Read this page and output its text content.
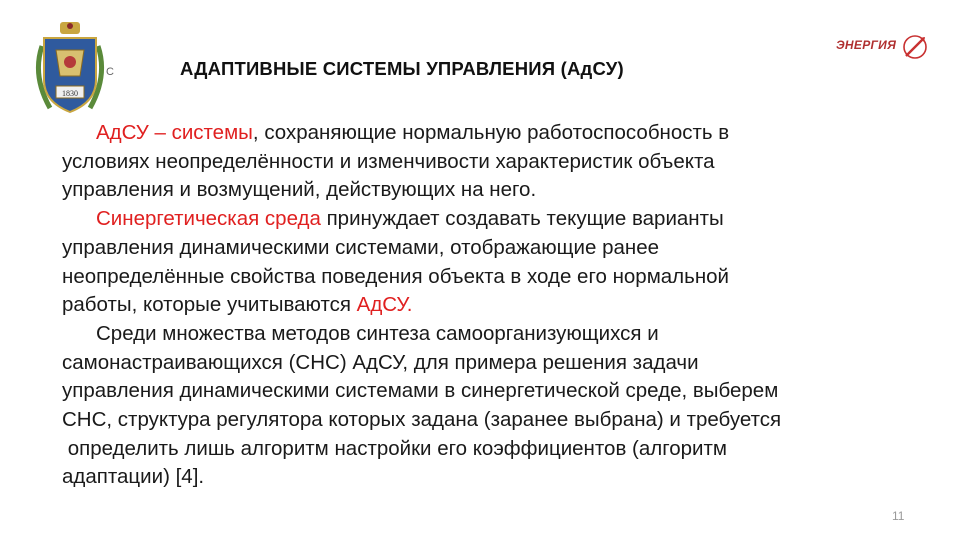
1830
С
ЭНЕРГИЯ
АДАПТИВНЫЕ СИСТЕМЫ УПРАВЛЕНИЯ (АдСУ)

АдСУ – системы, сохраняющие нормальную работоспособность в
условиях неопределённости и изменчивости характеристик объекта
управления и возмущений, действующих на него.

Синергетическая среда принуждает создавать текущие варианты
управления динамическими системами, отображающие ранее
неопределённые свойства поведения объекта в ходе его нормальной
работы, которые учитываются АдСУ.

Среди множества методов синтеза самоорганизующихся и
самонастраивающихся (СНС) АдСУ, для примера решения задачи
управления динамическими системами в синергетической среде, выберем
СНС, структура регулятора которых задана (заранее выбрана) и требуется
определить лишь алгоритм настройки его коэффициентов (алгоритм
адаптации) [4].

11
